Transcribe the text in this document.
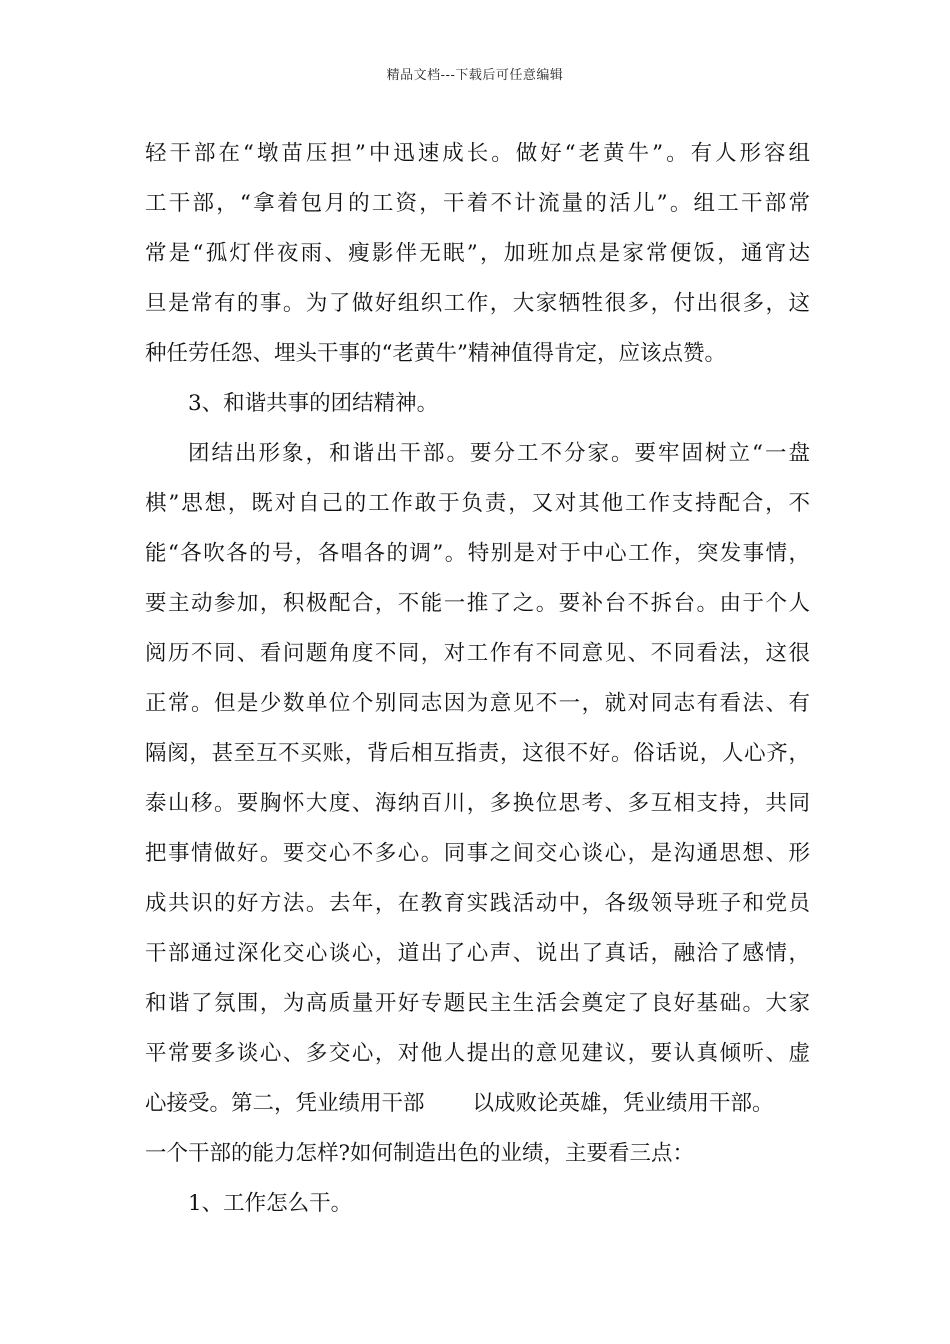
精品文档---下载后可任意编辑
轻干部在“墩苗压担”中迅速成长。做好“老黄牛”。有人形容组
工干部，“拿着包月的工资，干着不计流量的活儿”。组工干部常
常是“孤灯伴夜雨、瘦影伴无眠”，加班加点是家常便饭，通宵达
旦是常有的事。为了做好组织工作，大家牺牲很多，付出很多，这
种任劳任怨、埋头干事的“老黄牛”精神值得肯定，应该点赞。
3、和谐共事的团结精神。
团结出形象，和谐出干部。要分工不分家。要牢固树立“一盘
棋”思想，既对自己的工作敢于负责，又对其他工作支持配合，不
能“各吹各的号，各唱各的调”。特别是对于中心工作，突发事情，
要主动参加，积极配合，不能一推了之。要补台不拆台。由于个人
阅历不同、看问题角度不同，对工作有不同意见、不同看法，这很
正常。但是少数单位个别同志因为意见不一，就对同志有看法、有
隔阂，甚至互不买账，背后相互指责，这很不好。俗话说，人心齐，
泰山移。要胸怀大度、海纳百川，多换位思考、多互相支持，共同
把事情做好。要交心不多心。同事之间交心谈心，是沟通思想、形
成共识的好方法。去年，在教育实践活动中，各级领导班子和党员
干部通过深化交心谈心，道出了心声、说出了真话，融洽了感情，
和谐了氛围，为高质量开好专题民主生活会奠定了良好基础。大家
平常要多谈心、多交心，对他人提出的意见建议，要认真倾听、虚
心接受。第二，凭业绩用干部 以成败论英雄，凭业绩用干部。
一个干部的能力怎样?如何制造出色的业绩，主要看三点：
1、工作怎么干。
